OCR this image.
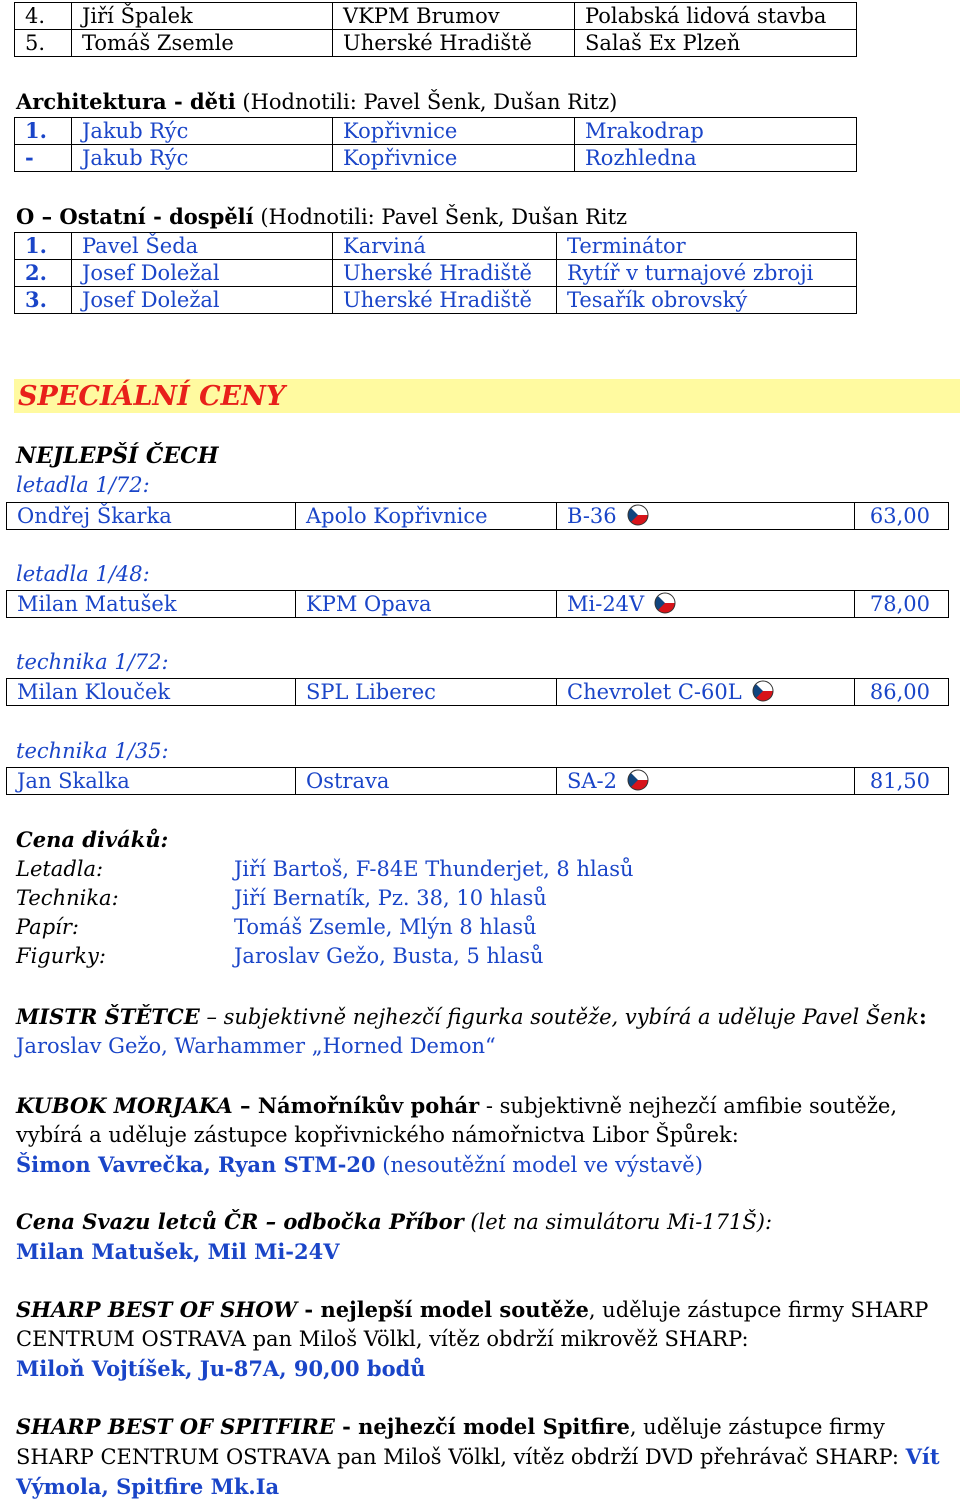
4.	Jiří Špalek	VKPM Brumov	Polabská lidová stavba
5.	Tomáš Zsemle	Uherské Hradiště	Salaš Ex Plzeň
Architektura - děti (Hodnotili: Pavel Šenk, Dušan Ritz)
1.	Jakub Rýc	Kopřivnice	Mrakodrap
-	Jakub Rýc	Kopřivnice	Rozhledna
O – Ostatní - dospělí (Hodnotili: Pavel Šenk, Dušan Ritz
1.	Pavel Šeda	Karviná	Terminátor
2.	Josef Doležal	Uherské Hradiště	Rytíř v turnajové zbroji
3.	Josef Doležal	Uherské Hradiště	Tesařík obrovský
SPECIÁLNÍ CENY
NEJLEPŠÍ ČECH
letadla 1/72:
Ondřej Škarka	Apolo Kopřivnice	B-36	63,00
letadla 1/48:
Milan Matušek	KPM Opava	Mi-24V	78,00
technika 1/72:
Milan Klouček	SPL Liberec	Chevrolet C-60L	86,00
technika 1/35:
Jan Skalka	Ostrava	SA-2	81,50
Cena diváků:
Letadla:	Jiří Bartoš, F-84E Thunderjet, 8 hlasů
Technika:	Jiří Bernatík, Pz. 38, 10 hlasů
Papír:	Tomáš Zsemle, Mlýn 8 hlasů
Figurky:	Jaroslav Gežo, Busta, 5 hlasů
MISTR ŠTĚTCE – subjektivně nejhezčí figurka soutěže, vybírá a uděluje Pavel Šenk: Jaroslav Gežo, Warhammer „Horned Demon“
KUBOK MORJAKA – Námořníkův pohár - subjektivně nejhezčí amfibie soutěže, vybírá a uděluje zástupce kopřivnického námořnictva Libor Špůrek:
Šimon Vavrečka, Ryan STM-20 (nesoutěžní model ve výstavě)
Cena Svazu letců ČR – odbočka Příbor (let na simulátoru Mi-171Š):
Milan Matušek, Mil Mi-24V
SHARP BEST OF SHOW - nejlepší model soutěže, uděluje zástupce firmy SHARP CENTRUM OSTRAVA pan Miloš Völkl, vítěz obdrží mikrověž SHARP:
Miloň Vojtíšek, Ju-87A, 90,00 bodů
SHARP BEST OF SPITFIRE - nejhezčí model Spitfire, uděluje zástupce firmy SHARP CENTRUM OSTRAVA pan Miloš Völkl, vítěz obdrží DVD přehrávač SHARP: Vít Výmola, Spitfire Mk.Ia
